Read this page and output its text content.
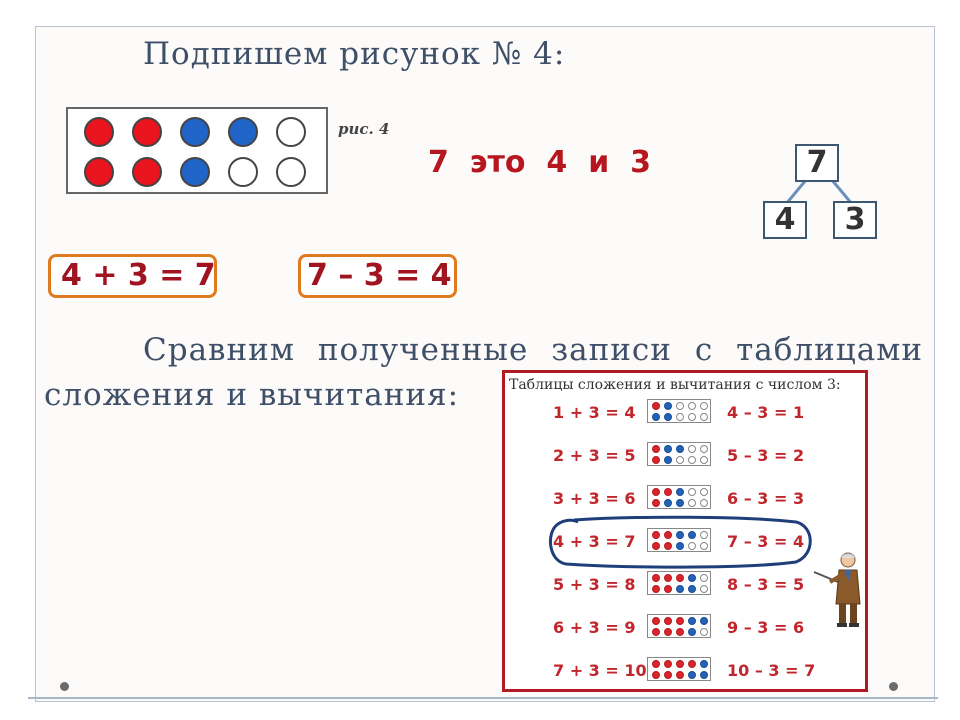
Подпишем рисунок № 4:
рис. 4
7  это  4  и  3	7
4	3
4 + 3 = 7	7 – 3 = 4
Сравним полученные записи с таблицами
сложения и вычитания:	Таблицы сложения и вычитания с числом 3:
1 + 3 = 4	4 – 3 = 1
2 + 3 = 5	5 – 3 = 2
3 + 3 = 6	6 – 3 = 3
4 + 3 = 7	7 – 3 = 4
5 + 3 = 8	8 – 3 = 5
6 + 3 = 9	9 – 3 = 6
7 + 3 = 10	10 – 3 = 7
